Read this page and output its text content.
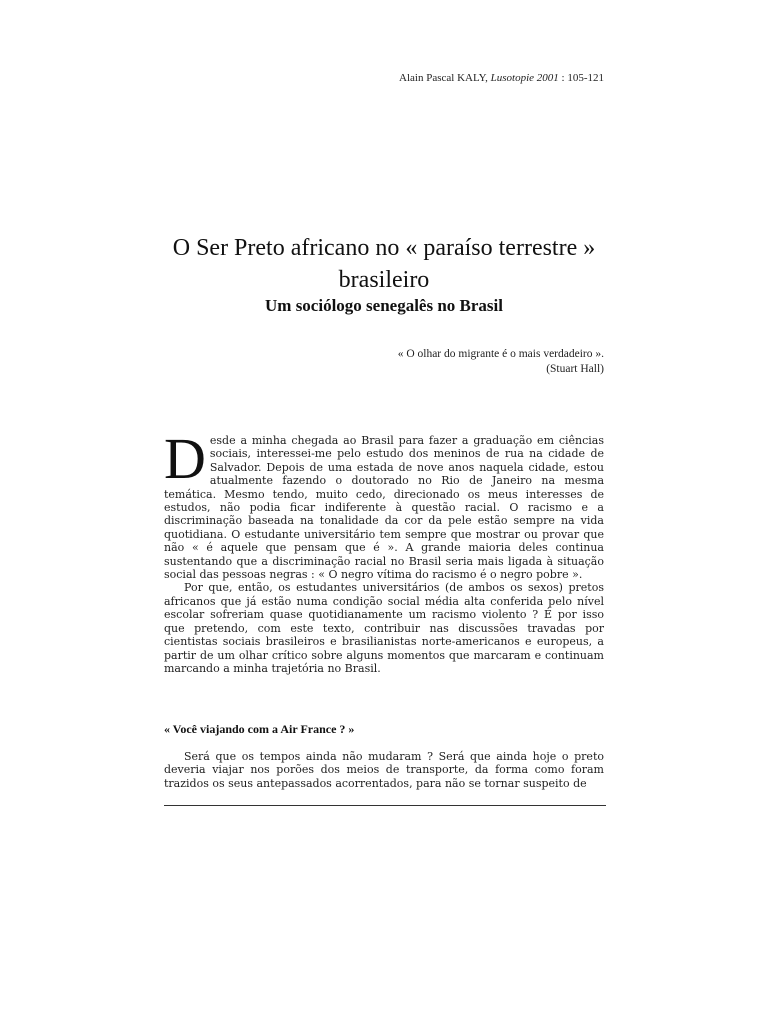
Alain Pascal KALY, Lusotopie 2001 : 105-121
O Ser Preto africano no « paraíso terrestre » brasileiro
Um sociólogo senegalês no Brasil
« O olhar do migrante é o mais verdadeiro ».
(Stuart Hall)

Desde a minha chegada ao Brasil para fazer a graduação em ciências sociais, interessei-me pelo estudo dos meninos de rua na cidade de Salvador. Depois de uma estada de nove anos naquela cidade, estou atualmente fazendo o doutorado no Rio de Janeiro na mesma temática. Mesmo tendo, muito cedo, direcionado os meus interesses de estudos, não podia ficar indiferente à questão racial. O racismo e a discriminação baseada na tonalidade da cor da pele estão sempre na vida quotidiana. O estudante universitário tem sempre que mostrar ou provar que não « é aquele que pensam que é ». A grande maioria deles continua sustentando que a discriminação racial no Brasil seria mais ligada à situação social das pessoas negras : « O negro vítima do racismo é o negro pobre ».

Por que, então, os estudantes universitários (de ambos os sexos) pretos africanos que já estão numa condição social média alta conferida pelo nível escolar sofreriam quase quotidianamente um racismo violento ? É por isso que pretendo, com este texto, contribuir nas discussões travadas por cientistas sociais brasileiros e brasilianistas norte-americanos e europeus, a partir de um olhar crítico sobre alguns momentos que marcaram e continuam marcando a minha trajetória no Brasil.

« Você viajando com a Air France ? »

Será que os tempos ainda não mudaram ? Será que ainda hoje o preto deveria viajar nos porões dos meios de transporte, da forma como foram trazidos os seus antepassados acorrentados, para não se tornar suspeito de
